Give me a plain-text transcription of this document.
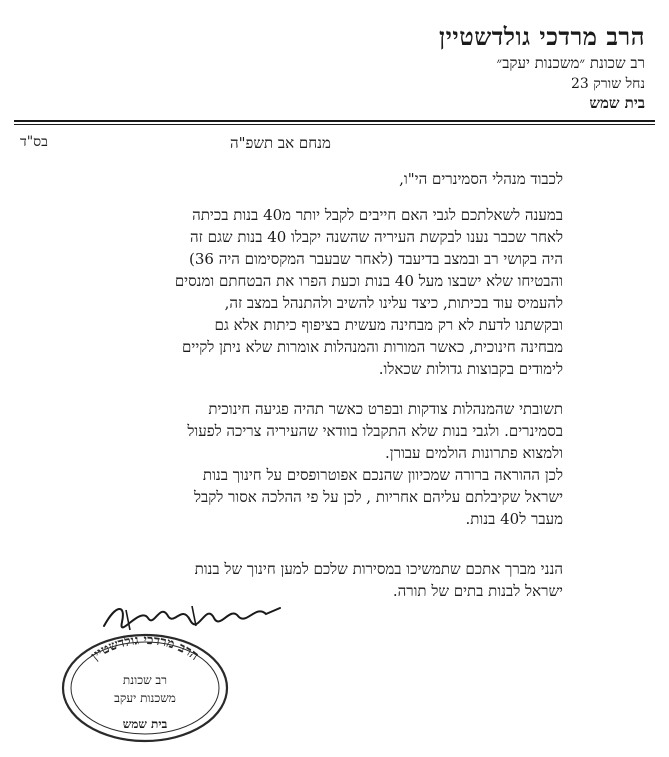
הרב מרדכי גולדשטיין
רב שכונת ״משכנות יעקב״
נחל שורק 23
בית שמש
בס"ד	מנחם אב תשפ"ה
לכבוד מנהלי הסמינרים הי"ו,
במענה לשאלתכם לגבי האם חייבים לקבל יותר מ40 בנות בכיתה
לאחר שכבר נענו לבקשת העיריה שהשנה יקבלו 40 בנות שגם זה
היה בקושי רב ובמצב בדיעבד (לאחר שבעבר המקסימום היה 36)
והבטיחו שלא ישבצו מעל 40 בנות וכעת הפרו את הבטחתם ומנסים
להעמיס עוד בכיתות, כיצד עלינו להשיב ולהתנהל במצב זה,
ובקשתנו לדעת לא רק מבחינה מעשית בציפוף כיתות אלא גם
מבחינה חינוכית, כאשר המורות והמנהלות אומרות שלא ניתן לקיים
לימודים בקבוצות גדולות שכאלו.
תשובתי שהמנהלות צודקות ובפרט כאשר תהיה פגיעה חינוכית
בסמינרים. ולגבי בנות שלא התקבלו בוודאי שהעיריה צריכה לפעול
ולמצוא פתרונות הולמים עבורן.
לכן ההוראה ברורה שמכיוון שהנכם אפוטרופסים על חינוך בנות
ישראל שקיבלתם עליהם אחריות , לכן על פי ההלכה אסור לקבל
מעבר ל40 בנות.
הנני מברך אתכם שתמשיכו במסירות שלכם למען חינוך של בנות
ישראל לבנות בתים של תורה.
הרב מרדכי גולדשטיין
רב שכונת
משכנות יעקב
בית שמש
